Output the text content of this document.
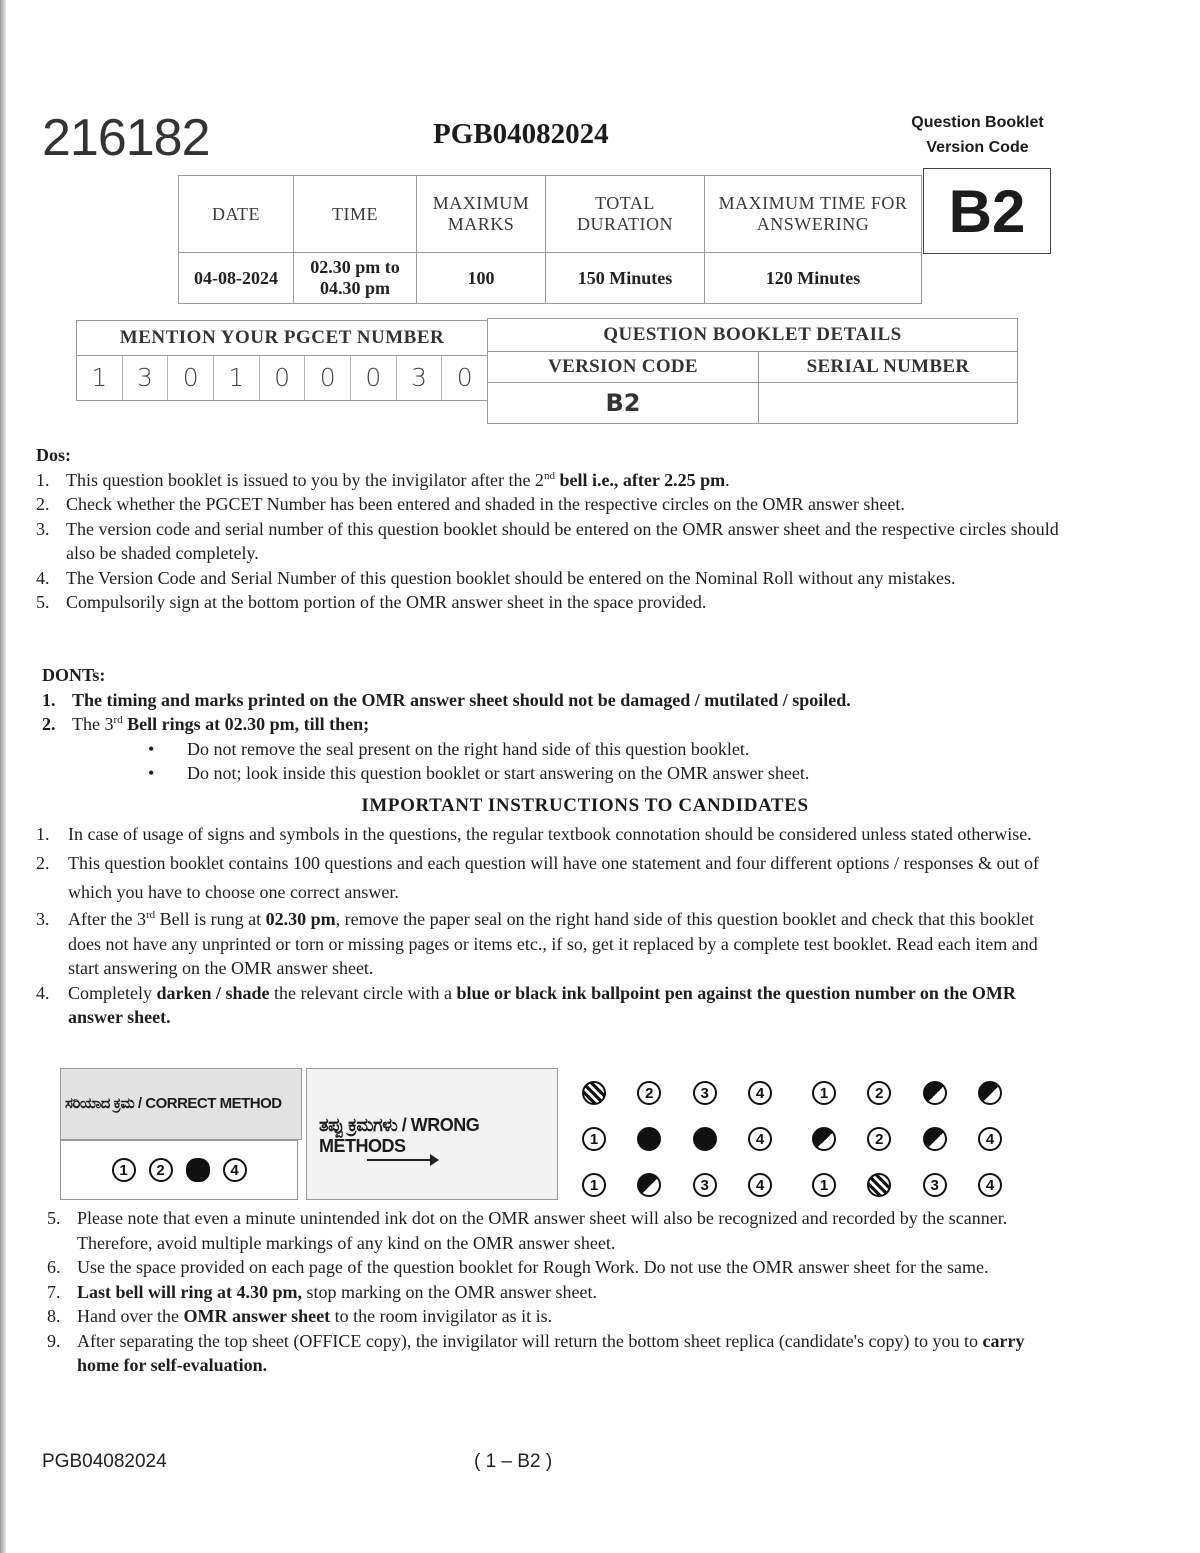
216182	PGB04082024	Question Booklet Version Code
B2
DATE	TIME	MAXIMUM MARKS	TOTAL DURATION	MAXIMUM TIME FOR ANSWERING
04-08-2024	02.30 pm to 04.30 pm	100	150 Minutes	120 Minutes
MENTION YOUR PGCET NUMBER

1	3	0	1	0	0	0	3	0
QUESTION BOOKLET DETAILS	
VERSION CODE	SERIAL NUMBER
B2	
Dos:
1. This question booklet is issued to you by the invigilator after the 2nd bell i.e., after 2.25 pm.
2. Check whether the PGCET Number has been entered and shaded in the respective circles on the OMR answer sheet.
3. The version code and serial number of this question booklet should be entered on the OMR answer sheet and the respective circles should also be shaded completely.
4. The Version Code and Serial Number of this question booklet should be entered on the Nominal Roll without any mistakes.
5. Compulsorily sign at the bottom portion of the OMR answer sheet in the space provided.
DONTs:
1. The timing and marks printed on the OMR answer sheet should not be damaged / mutilated / spoiled.
2. The 3rd Bell rings at 02.30 pm, till then;
• Do not remove the seal present on the right hand side of this question booklet.
• Do not; look inside this question booklet or start answering on the OMR answer sheet.
IMPORTANT INSTRUCTIONS TO CANDIDATES
1. In case of usage of signs and symbols in the questions, the regular textbook connotation should be considered unless stated otherwise.
2. This question booklet contains 100 questions and each question will have one statement and four different options / responses & out of which you have to choose one correct answer.
3. After the 3rd Bell is rung at 02.30 pm, remove the paper seal on the right hand side of this question booklet and check that this booklet does not have any unprinted or torn or missing pages or items etc., if so, get it replaced by a complete test booklet. Read each item and start answering on the OMR answer sheet.
4. Completely darken / shade the relevant circle with a blue or black ink ballpoint pen against the question number on the OMR answer sheet.
ಸರಿಯಾದ ಕ್ರಮ / CORRECT METHOD
1 2	4
ತಪ್ಪು ಕ್ರಮಗಳು / WRONG METHODS
2	3	4	1	2
1	4	2	4
1	3	4	1	3	4
5. Please note that even a minute unintended ink dot on the OMR answer sheet will also be recognized and recorded by the scanner. Therefore, avoid multiple markings of any kind on the OMR answer sheet.
6. Use the space provided on each page of the question booklet for Rough Work. Do not use the OMR answer sheet for the same.
7. Last bell will ring at 4.30 pm, stop marking on the OMR answer sheet.
8. Hand over the OMR answer sheet to the room invigilator as it is.
9. After separating the top sheet (OFFICE copy), the invigilator will return the bottom sheet replica (candidate's copy) to you to carry home for self-evaluation.
PGB04082024	( 1 – B2 )
